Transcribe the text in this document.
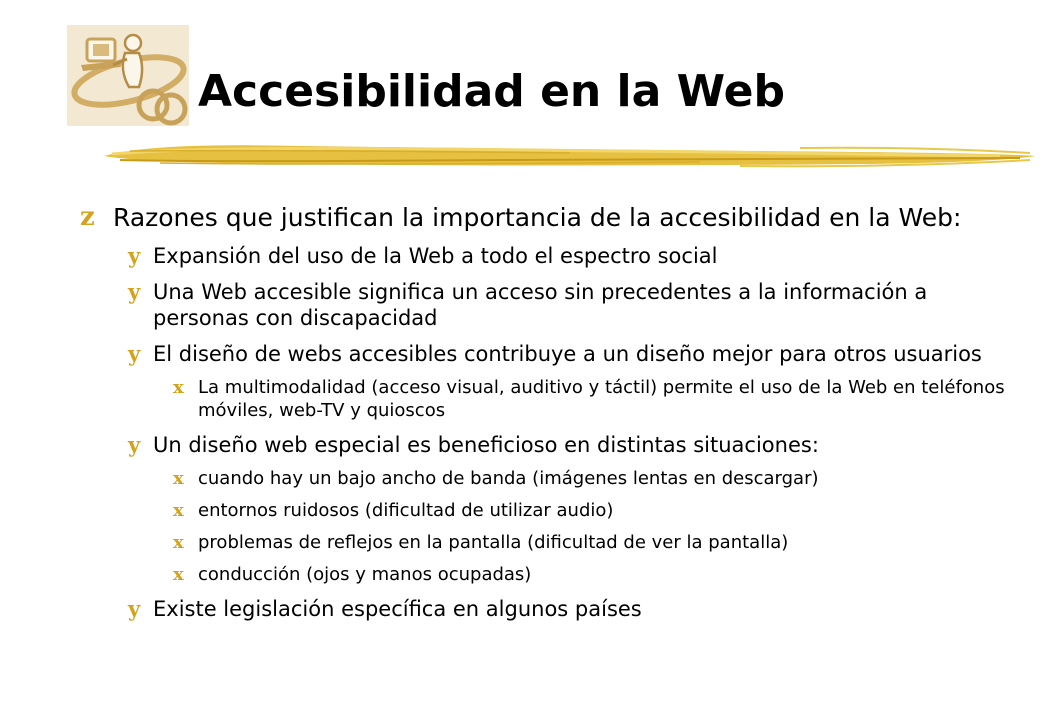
Accesibilidad en la Web
z Razones que justifican la importancia de la accesibilidad en la Web:
y Expansión del uso de la Web a todo el espectro social
y Una Web accesible significa un acceso sin precedentes a la información a personas con discapacidad
y El diseño de webs accesibles contribuye a un diseño mejor para otros usuarios
x La multimodalidad (acceso visual, auditivo y táctil) permite el uso de la Web en teléfonos móviles, web-TV y quioscos
y Un diseño web especial es beneficioso en distintas situaciones:
x cuando hay un bajo ancho de banda (imágenes lentas en descargar)
x entornos ruidosos (dificultad de utilizar audio)
x problemas de reflejos en la pantalla (dificultad de ver la pantalla)
x conducción (ojos y manos ocupadas)
y Existe legislación específica en algunos países
